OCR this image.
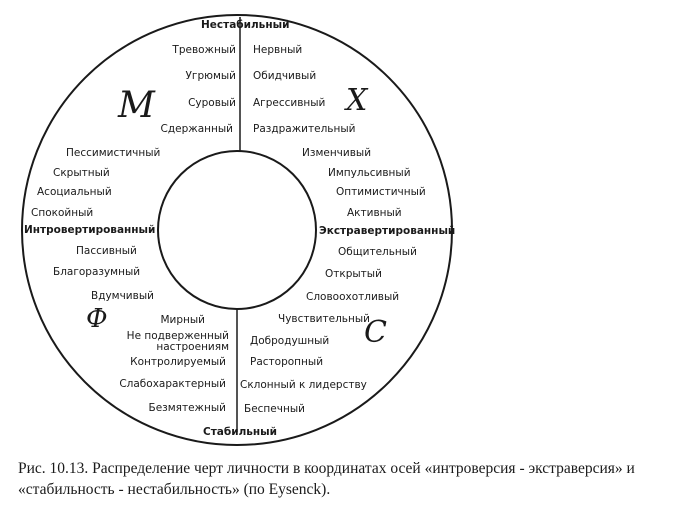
Нестабильный
Стабильный
Интровертированный	Экстравертированный
Тревожный
Угрюмый
Суровый
Сдержанный
Нервный
Обидчивый
Агрессивный
Раздражительный
Пессимистичный
Скрытный
Асоциальный
Спокойный
Изменчивый
Импульсивный
Оптимистичный
Активный
Пассивный
Благоразумный
Вдумчивый
Общительный
Открытый
Словоохотливый
Мирный
Не подверженный
настроениям
Контролируемый
Слабохарактерный
Безмятежный
Чувствительный
Добродушный
Расторопный
Склонный к лидерству
Беспечный
M	X
Ф	C
Рис. 10.13. Распределение черт личности в координатах осей «интроверсия - экстраверсия» и «стабильность - нестабильность» (по Eysenck).
